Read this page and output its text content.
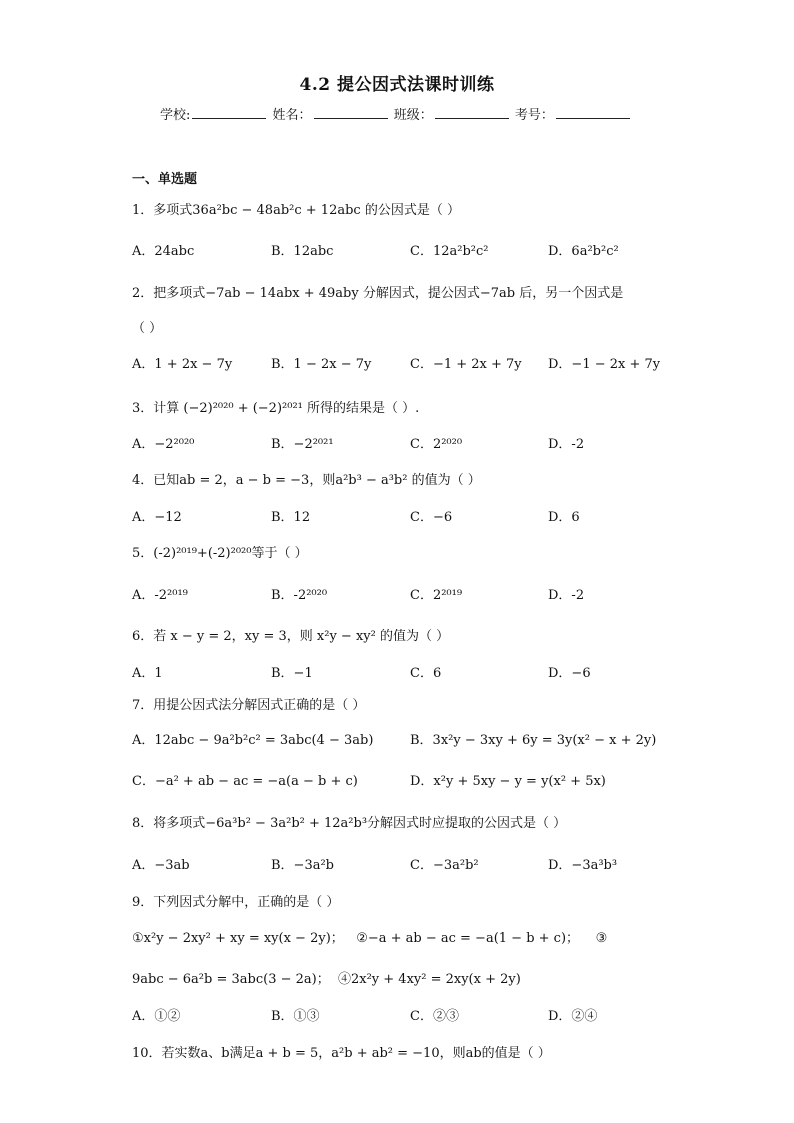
4.2 提公因式法课时训练
学校:	姓名：	班级：	考号：
一、单选题
1．多项式36a²bc − 48ab²c + 12abc 的公因式是（ ）
A．24abc	B．12abc	C．12a²b²c²	D．6a²b²c²
2．把多项式−7ab − 14abx + 49aby 分解因式，提公因式−7ab 后，另一个因式是
（ ）
A．1 + 2x − 7y	B．1 − 2x − 7y	C．−1 + 2x + 7y D．−1 − 2x + 7y
3．计算 (−2)²⁰²⁰ + (−2)²⁰²¹ 所得的结果是（ ）.
A．−2²⁰²⁰	B．−2²⁰²¹	C．2²⁰²⁰	D．-2
4．已知ab = 2，a − b = −3，则a²b³ − a³b² 的值为（ ）
A．−12	B．12	C．−6	D．6
5．(-2)²⁰¹⁹+(-2)²⁰²⁰等于（ ）
A．-2²⁰¹⁹	B．-2²⁰²⁰	C．2²⁰¹⁹	D．-2
6．若 x − y = 2，xy = 3，则 x²y − xy² 的值为（ ）
A．1	B．−1	C．6	D．−6
7．用提公因式法分解因式正确的是（ ）
A．12abc − 9a²b²c² = 3abc(4 − 3ab)	B．3x²y − 3xy + 6y = 3y(x² − x + 2y)
C．−a² + ab − ac = −a(a − b + c)	D．x²y + 5xy − y = y(x² + 5x)
8．将多项式−6a³b² − 3a²b² + 12a²b³分解因式时应提取的公因式是（ ）
A．−3ab	B．−3a²b	C．−3a²b²	D．−3a³b³
9．下列因式分解中，正确的是（ ）
①x²y − 2xy² + xy = xy(x − 2y)； ②−a + ab − ac = −a(1 − b + c)； ③
9abc − 6a²b = 3abc(3 − 2a)； ④2x²y + 4xy² = 2xy(x + 2y)
A．①②	B．①③	C．②③	D．②④
10．若实数a、b满足a + b = 5，a²b + ab² = −10，则ab的值是（ ）
